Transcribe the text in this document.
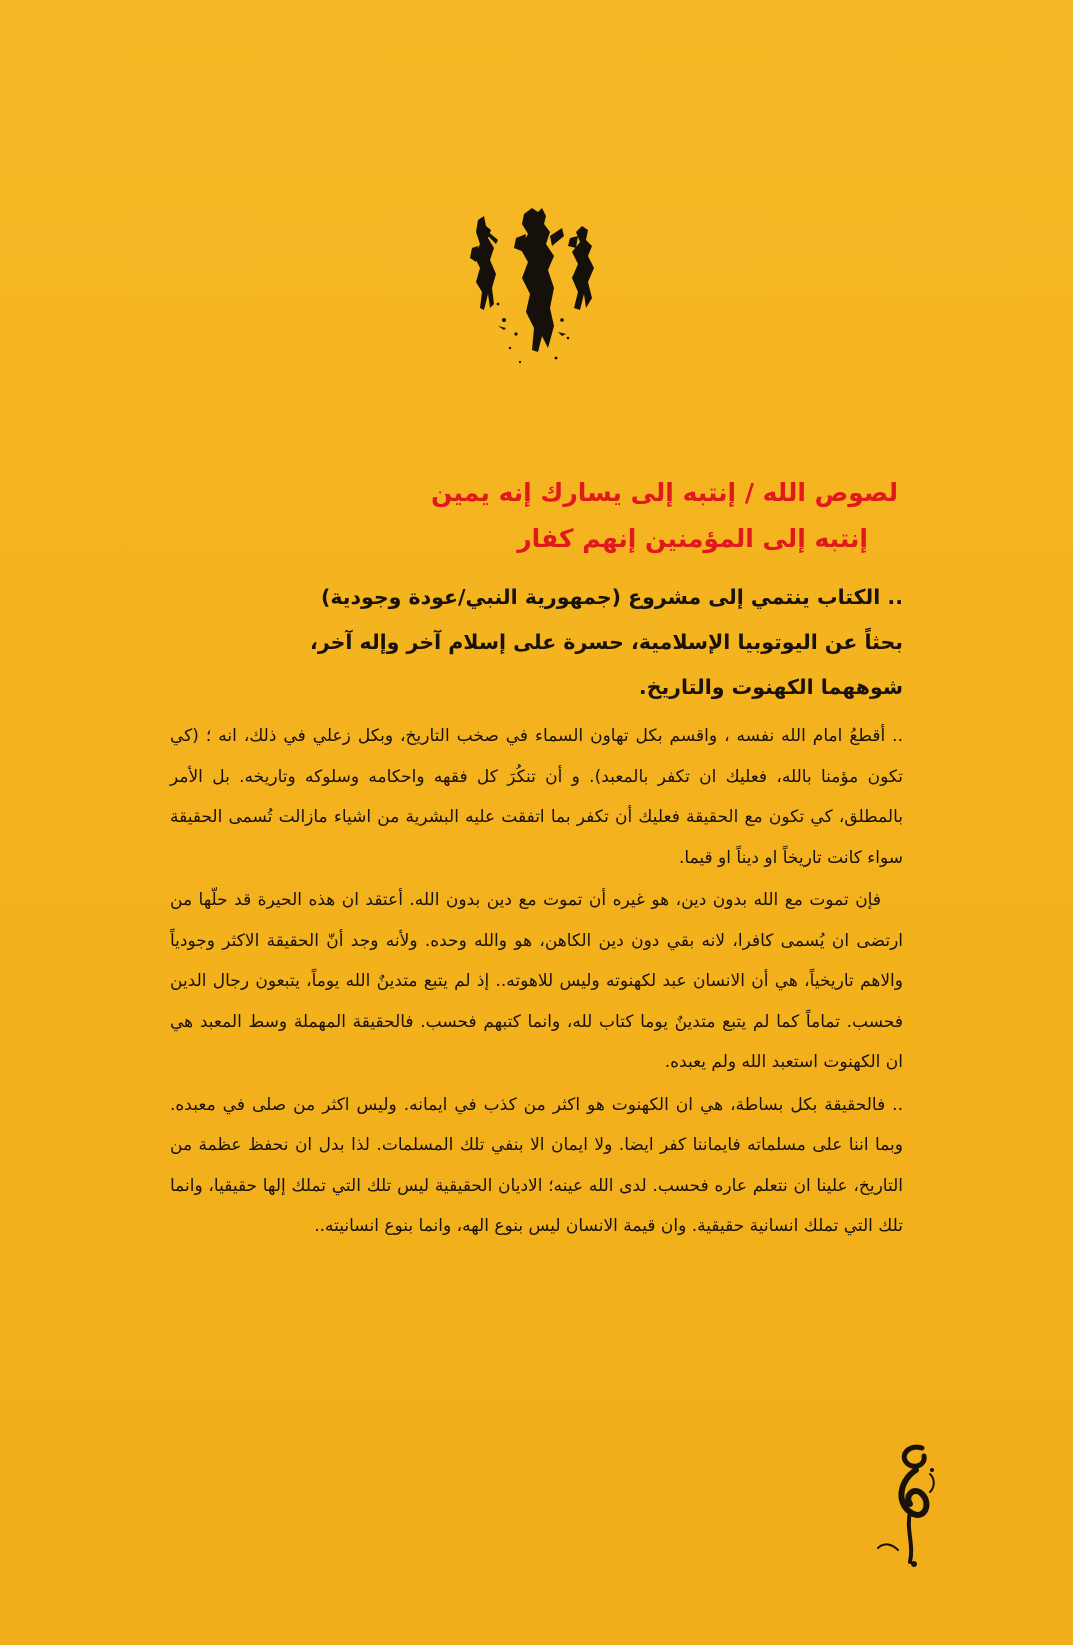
لصوص الله / إنتبه إلى يسارك إنه يمين
إنتبه إلى المؤمنين إنهم كفار
.. الكتاب ينتمي إلى مشروع (جمهورية النبي/عودة وجودية)
بحثاً عن اليوتوبيا الإسلامية، حسرة على إسلام آخر وإله آخر،
شوههما الكهنوت والتاريخ.

.. أقطعُ امام الله نفسه ، واقسم بكل تهاون السماء في صخب التاريخ، وبكل زعلي في ذلك، انه ؛ (كي تكون مؤمنا بالله، فعليك ان تكفر بالمعبد). و أن تنكُرَ كل فقهه واحكامه وسلوكه وتاريخه. بل الأمر بالمطلق، كي تكون مع الحقيقة فعليك أن تكفر بما اتفقت عليه البشرية من اشياء مازالت تُسمى الحقيقة سواء كانت تاريخاً او ديناً او قيما.

فإن تموت مع الله بدون دين، هو غيره أن تموت مع دين بدون الله. أعتقد ان هذه الحيرة قد حلّها من ارتضى ان يُسمى كافرا، لانه بقي دون دين الكاهن، هو والله وحده. ولأنه وجد أنّ الحقيقة الاكثر وجودياً والاهم تاريخياً، هي أن الانسان عبد لكهنوته وليس للاهوته.. إذ لم يتبع متدينٌ الله يوماً، يتبعون رجال الدين فحسب. تماماً كما لم يتبع متدينٌ يوما كتاب لله، وانما كتبهم فحسب. فالحقيقة المهملة وسط المعبد هي ان الكهنوت استعبد الله ولم يعبده.

.. فالحقيقة بكل بساطة، هي ان الكهنوت هو اكثر من كذب في ايمانه. وليس اكثر من صلى في معبده. وبما اننا على مسلماته فايماننا كفر ايضا. ولا ايمان الا بنفي تلك المسلمات. لذا بدل ان نحفظ عظمة من التاريخ، علينا ان نتعلم عاره فحسب. لدى الله عينه؛ الاديان الحقيقية ليس تلك التي تملك إلها حقيقيا، وانما تلك التي تملك انسانية حقيقية. وان قيمة الانسان ليس بنوع الهه، وانما بنوع انسانيته..
